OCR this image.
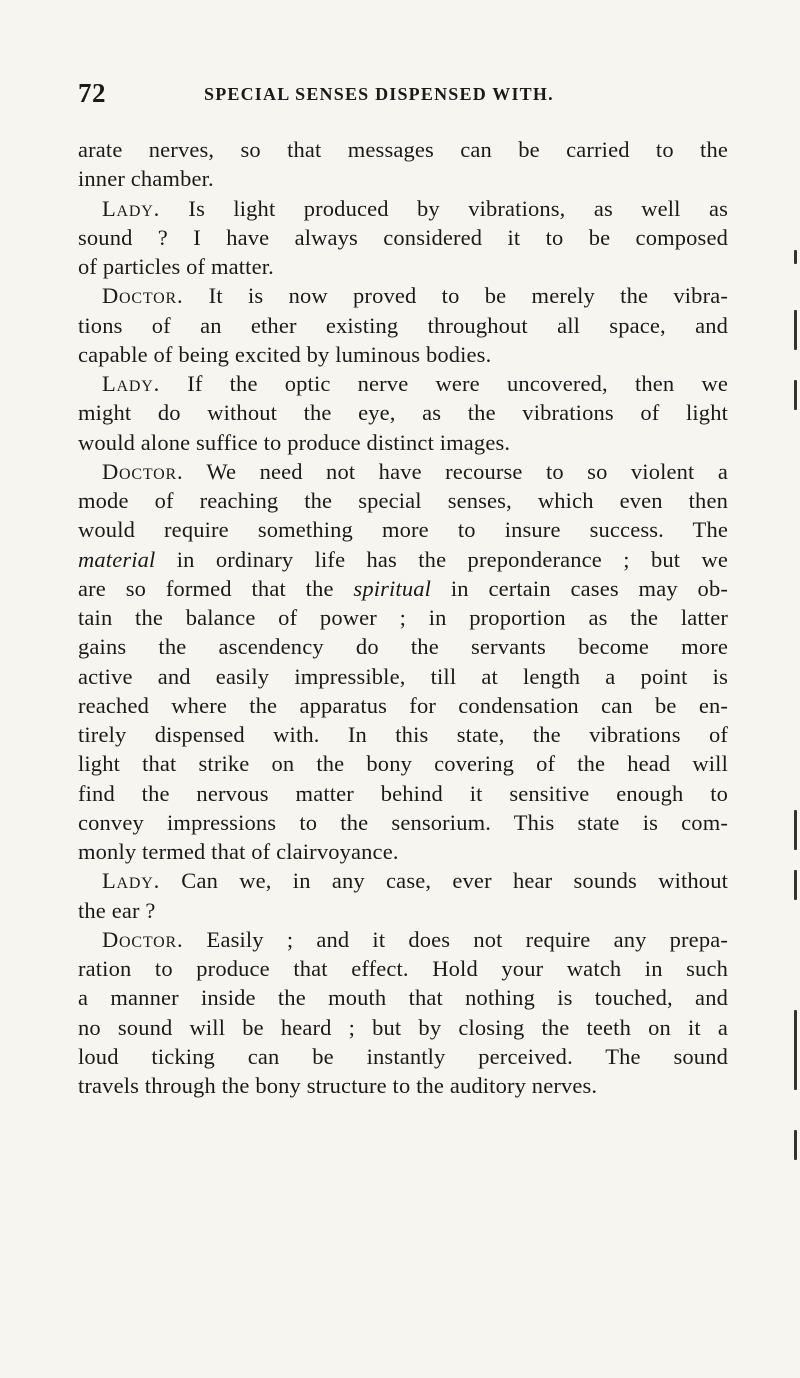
72	SPECIAL SENSES DISPENSED WITH.
arate nerves, so that messages can be carried to the
inner chamber.
Lady. Is light produced by vibrations, as well as
sound ? I have always considered it to be composed
of particles of matter.
Doctor. It is now proved to be merely the vibra-
tions of an ether existing throughout all space, and
capable of being excited by luminous bodies.
Lady. If the optic nerve were uncovered, then we
might do without the eye, as the vibrations of light
would alone suffice to produce distinct images.
Doctor. We need not have recourse to so violent a
mode of reaching the special senses, which even then
would require something more to insure success. The
material in ordinary life has the preponderance ; but we
are so formed that the spiritual in certain cases may ob-
tain the balance of power ; in proportion as the latter
gains the ascendency do the servants become more
active and easily impressible, till at length a point is
reached where the apparatus for condensation can be en-
tirely dispensed with. In this state, the vibrations of
light that strike on the bony covering of the head will
find the nervous matter behind it sensitive enough to
convey impressions to the sensorium. This state is com-
monly termed that of clairvoyance.
Lady. Can we, in any case, ever hear sounds without
the ear ?
Doctor. Easily ; and it does not require any prepa-
ration to produce that effect. Hold your watch in such
a manner inside the mouth that nothing is touched, and
no sound will be heard ; but by closing the teeth on it a
loud ticking can be instantly perceived. The sound
travels through the bony structure to the auditory nerves.
